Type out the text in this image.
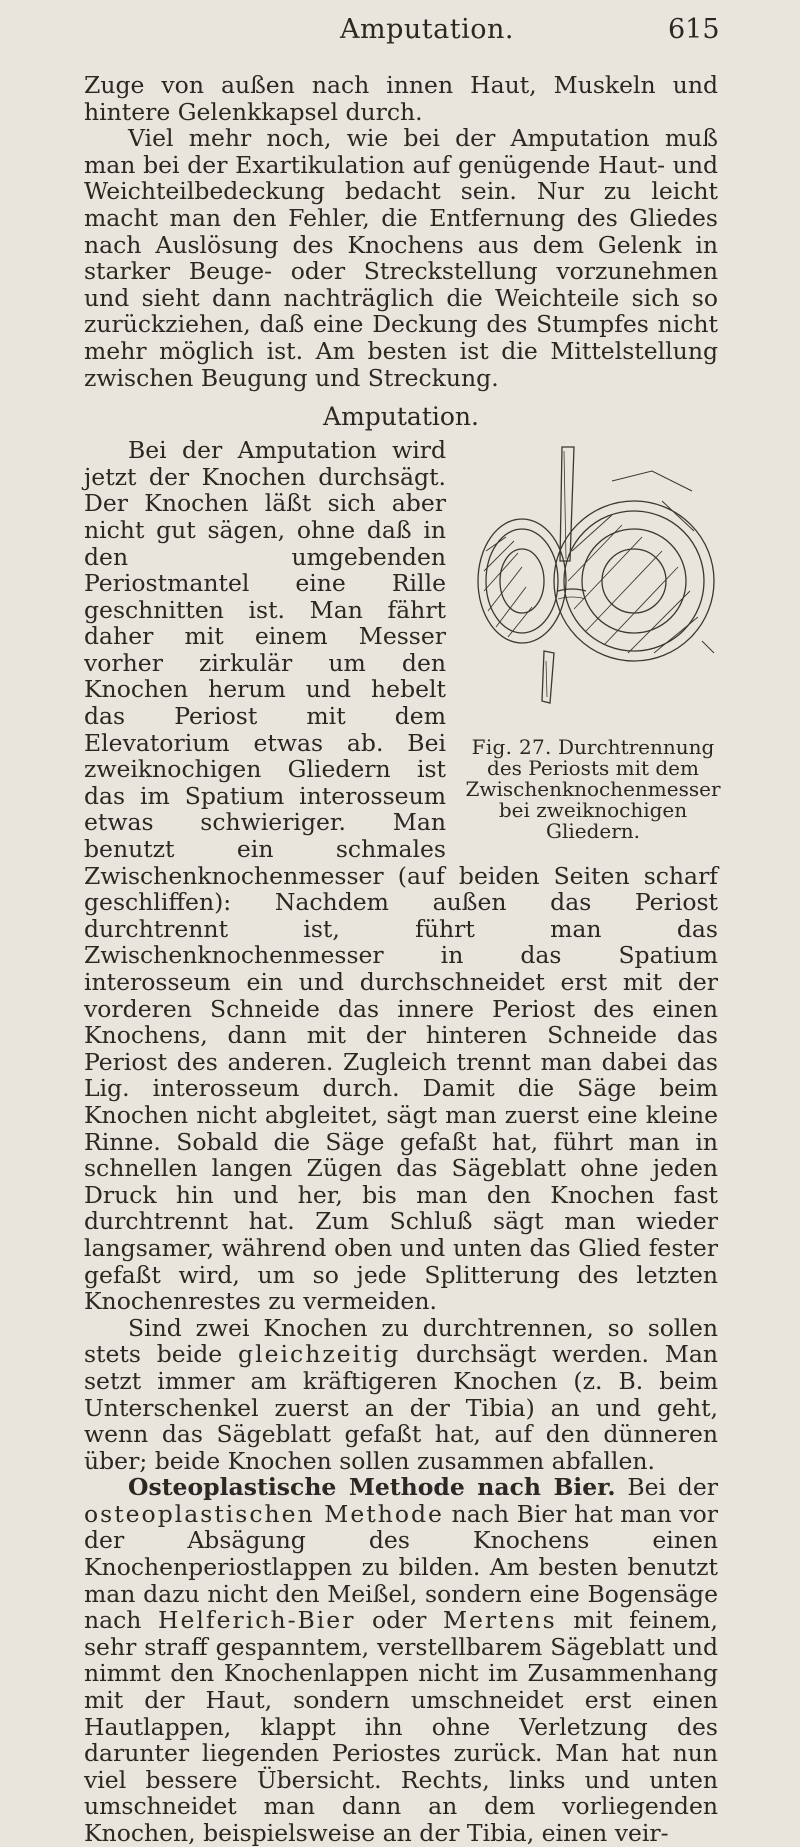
Amputation.	615

Zuge von außen nach innen Haut, Muskeln und hintere Gelenkkapsel durch.

Viel mehr noch, wie bei der Amputation muß man bei der Exartikulation auf genügende Haut- und Weichteilbedeckung bedacht sein. Nur zu leicht macht man den Fehler, die Entfernung des Gliedes nach Auslösung des Knochens aus dem Gelenk in starker Beuge- oder Streckstellung vorzunehmen und sieht dann nachträglich die Weichteile sich so zurückziehen, daß eine Deckung des Stumpfes nicht mehr möglich ist. Am besten ist die Mittelstellung zwischen Beugung und Streckung.

Amputation.

Fig. 27. Durchtrennung des Periosts mit dem Zwischenknochenmesser bei zweiknochigen Gliedern.

Bei der Amputation wird jetzt der Knochen durchsägt. Der Knochen läßt sich aber nicht gut sägen, ohne daß in den umgebenden Periostmantel eine Rille geschnitten ist. Man fährt daher mit einem Messer vorher zirkulär um den Knochen herum und hebelt das Periost mit dem Elevatorium etwas ab. Bei zweiknochigen Gliedern ist das im Spatium interosseum etwas schwieriger. Man benutzt ein schmales Zwischenknochenmesser (auf beiden Seiten scharf geschliffen): Nachdem außen das Periost durchtrennt ist, führt man das Zwischenknochenmesser in das Spatium interosseum ein und durchschneidet erst mit der vorderen Schneide das innere Periost des einen Knochens, dann mit der hinteren Schneide das Periost des anderen. Zugleich trennt man dabei das Lig. interosseum durch. Damit die Säge beim Knochen nicht abgleitet, sägt man zuerst eine kleine Rinne. Sobald die Säge gefaßt hat, führt man in schnellen langen Zügen das Sägeblatt ohne jeden Druck hin und her, bis man den Knochen fast durchtrennt hat. Zum Schluß sägt man wieder langsamer, während oben und unten das Glied fester gefaßt wird, um so jede Splitterung des letzten Knochenrestes zu vermeiden.

Sind zwei Knochen zu durchtrennen, so sollen stets beide gleichzeitig durchsägt werden. Man setzt immer am kräftigeren Knochen (z. B. beim Unterschenkel zuerst an der Tibia) an und geht, wenn das Sägeblatt gefaßt hat, auf den dünneren über; beide Knochen sollen zusammen abfallen.

Osteoplastische Methode nach Bier. Bei der osteoplastischen Methode nach Bier hat man vor der Absägung des Knochens einen Knochenperiostlappen zu bilden. Am besten benutzt man dazu nicht den Meißel, sondern eine Bogensäge nach Helferich-Bier oder Mertens mit feinem, sehr straff gespanntem, verstellbarem Sägeblatt und nimmt den Knochenlappen nicht im Zusammenhang mit der Haut, sondern umschneidet erst einen Hautlappen, klappt ihn ohne Verletzung des darunter liegenden Periostes zurück. Man hat nun viel bessere Übersicht. Rechts, links und unten umschneidet man dann an dem vorliegenden Knochen, beispielsweise an der Tibia, einen veir-
